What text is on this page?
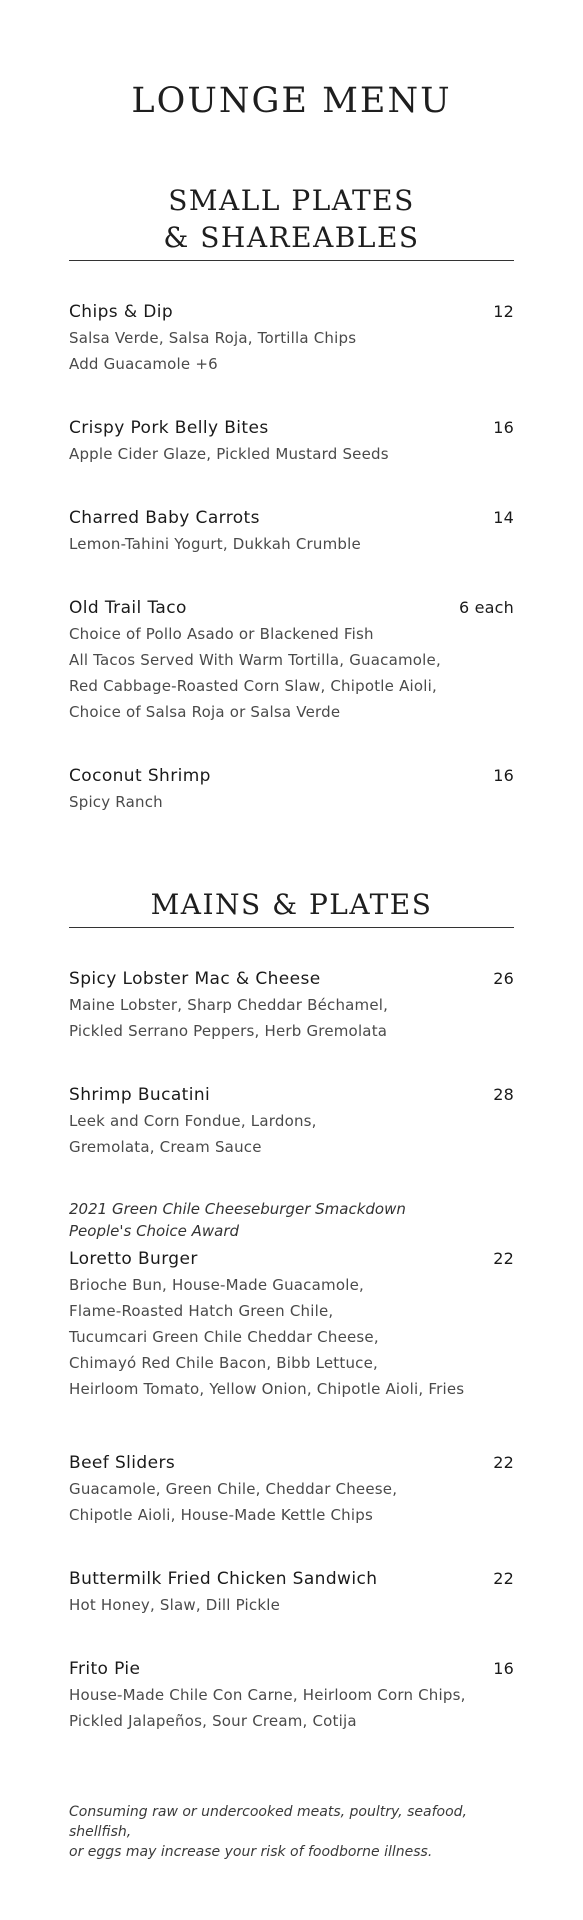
LOUNGE MENU
SMALL PLATES
& SHAREABLES
Chips & Dip	12
Salsa Verde, Salsa Roja, Tortilla Chips
Add Guacamole +6
Crispy Pork Belly Bites	16
Apple Cider Glaze, Pickled Mustard Seeds
Charred Baby Carrots	14
Lemon-Tahini Yogurt, Dukkah Crumble
Old Trail Taco	6 each
Choice of Pollo Asado or Blackened Fish
All Tacos Served With Warm Tortilla, Guacamole,
Red Cabbage-Roasted Corn Slaw, Chipotle Aioli,
Choice of Salsa Roja or Salsa Verde
Coconut Shrimp	16
Spicy Ranch
MAINS & PLATES
Spicy Lobster Mac & Cheese	26
Maine Lobster, Sharp Cheddar Béchamel,
Pickled Serrano Peppers, Herb Gremolata
Shrimp Bucatini	28
Leek and Corn Fondue, Lardons,
Gremolata, Cream Sauce
2021 Green Chile Cheeseburger Smackdown
People's Choice Award
Loretto Burger	22
Brioche Bun, House-Made Guacamole,
Flame-Roasted Hatch Green Chile,
Tucumcari Green Chile Cheddar Cheese,
Chimayó Red Chile Bacon, Bibb Lettuce,
Heirloom Tomato, Yellow Onion, Chipotle Aioli, Fries
Beef Sliders	22
Guacamole, Green Chile, Cheddar Cheese,
Chipotle Aioli, House-Made Kettle Chips
Buttermilk Fried Chicken Sandwich	22
Hot Honey, Slaw, Dill Pickle
Frito Pie	16
House-Made Chile Con Carne, Heirloom Corn Chips,
Pickled Jalapeños, Sour Cream, Cotija
Consuming raw or undercooked meats, poultry, seafood, shellfish,
or eggs may increase your risk of foodborne illness.
